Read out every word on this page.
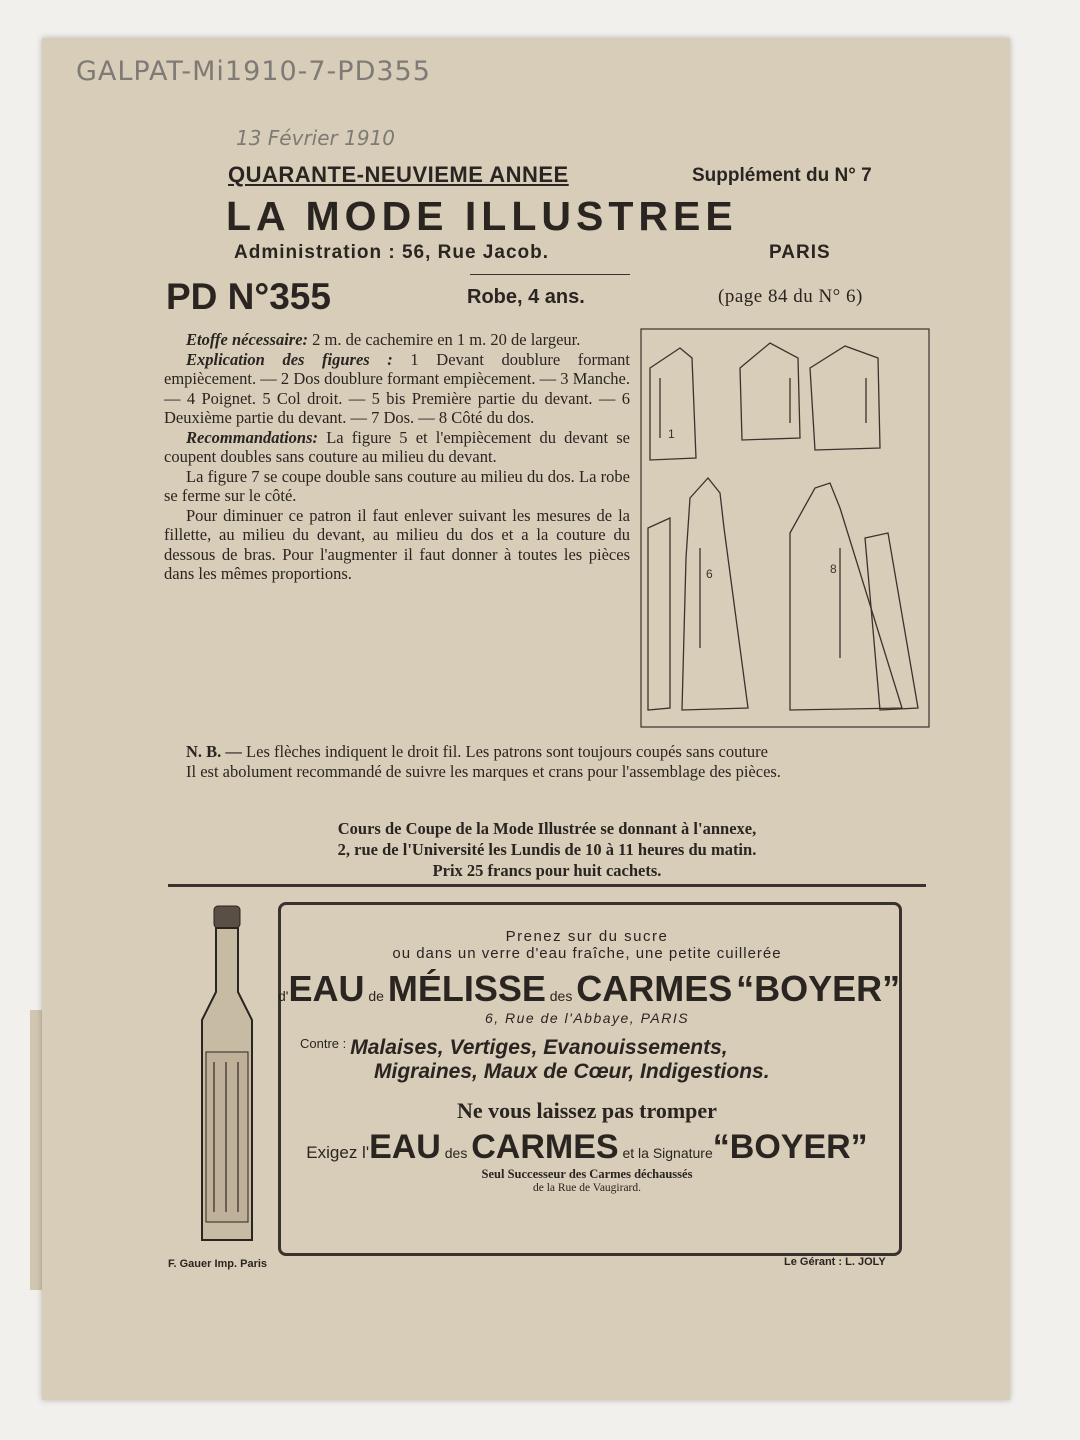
GALPAT-Mi1910-7-PD355
13 Février 1910
QUARANTE-NEUVIEME ANNEE	Supplément du N° 7
LA MODE ILLUSTREE
Administration : 56, Rue Jacob.	PARIS
PD N°355	Robe, 4 ans.	(page 84 du N° 6)

Etoffe nécessaire: 2 m. de cachemire en 1 m. 20 de largeur.

Explication des figures : 1 Devant doublure formant empiècement. — 2 Dos doublure formant empiècement. — 3 Manche. — 4 Poignet. 5 Col droit. — 5 bis Première partie du devant. — 6 Deuxième partie du devant. — 7 Dos. — 8 Côté du dos.

Recommandations: La figure 5 et l'empiècement du devant se coupent doubles sans couture au milieu du devant.

La figure 7 se coupe double sans couture au milieu du dos. La robe se ferme sur le côté.

Pour diminuer ce patron il faut enlever suivant les mesures de la fillette, au milieu du devant, au milieu du dos et a la couture du dessous de bras. Pour l'augmenter il faut donner à toutes les pièces dans les mêmes proportions.

N. B. — Les flèches indiquent le droit fil. Les patrons sont toujours coupés sans couture

Il est abolument recommandé de suivre les marques et crans pour l'assemblage des pièces.

Cours de Coupe de la Mode Illustrée se donnant à l'annexe,
2, rue de l'Université les Lundis de 10 à 11 heures du matin.
Prix 25 francs pour huit cachets.
1
6	8
Prenez sur du sucre
ou dans un verre d'eau fraîche, une petite cuillerée
d'EAU de MÉLISSE des CARMES “BOYER”
6, Rue de l'Abbaye, PARIS
$^{Contre :}$ Malaises, Vertiges, Evanouissements,
Migraines, Maux de Cœur, Indigestions.
Ne vous laissez pas tromper
Exigez l'EAU des CARMES et la Signature“BOYER”
Seul Successeur des Carmes déchaussés
de la Rue de Vaugirard.
F. Gauer Imp. Paris	Le Gérant : L. JOLY
